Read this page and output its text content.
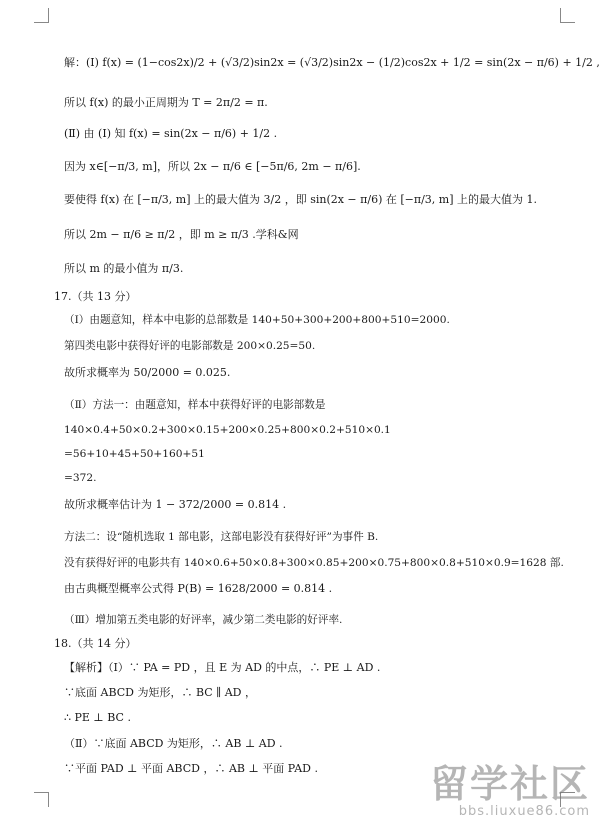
解：(Ⅰ) f(x) = (1−cos2x)/2 + (√3/2)sin2x = (√3/2)sin2x − (1/2)cos2x + 1/2 = sin(2x − π/6) + 1/2 ,
所以 f(x) 的最小正周期为 T = 2π/2 = π.
(Ⅱ) 由 (Ⅰ) 知 f(x) = sin(2x − π/6) + 1/2 .
因为 x∈[−π/3, m]，所以 2x − π/6 ∈ [−5π/6, 2m − π/6].
要使得 f(x) 在 [−π/3, m] 上的最大值为 3/2 ，即 sin(2x − π/6) 在 [−π/3, m] 上的最大值为 1.
所以 2m − π/6 ≥ π/2 ，即 m ≥ π/3 .学科&网
所以 m 的最小值为 π/3.
17.（共 13 分）
（Ⅰ）由题意知，样本中电影的总部数是 140+50+300+200+800+510=2000.
第四类电影中获得好评的电影部数是 200×0.25=50.
故所求概率为 50/2000 = 0.025.
（Ⅱ）方法一：由题意知，样本中获得好评的电影部数是
140×0.4+50×0.2+300×0.15+200×0.25+800×0.2+510×0.1
=56+10+45+50+160+51
=372.
故所求概率估计为 1 − 372/2000 = 0.814 .
方法二：设“随机选取 1 部电影，这部电影没有获得好评”为事件 B.
没有获得好评的电影共有 140×0.6+50×0.8+300×0.85+200×0.75+800×0.8+510×0.9=1628 部.
由古典概型概率公式得 P(B) = 1628/2000 = 0.814 .
（Ⅲ）增加第五类电影的好评率，减少第二类电影的好评率.
18.（共 14 分）
【解析】（Ⅰ）∵ PA = PD ，且 E 为 AD 的中点，∴ PE ⊥ AD .
∵底面 ABCD 为矩形，∴ BC ∥ AD ，
∴ PE ⊥ BC .
（Ⅱ）∵底面 ABCD 为矩形，∴ AB ⊥ AD .
∵平面 PAD ⊥ 平面 ABCD ，∴ AB ⊥ 平面 PAD .	留学社区
bbs.liuxue86.com
